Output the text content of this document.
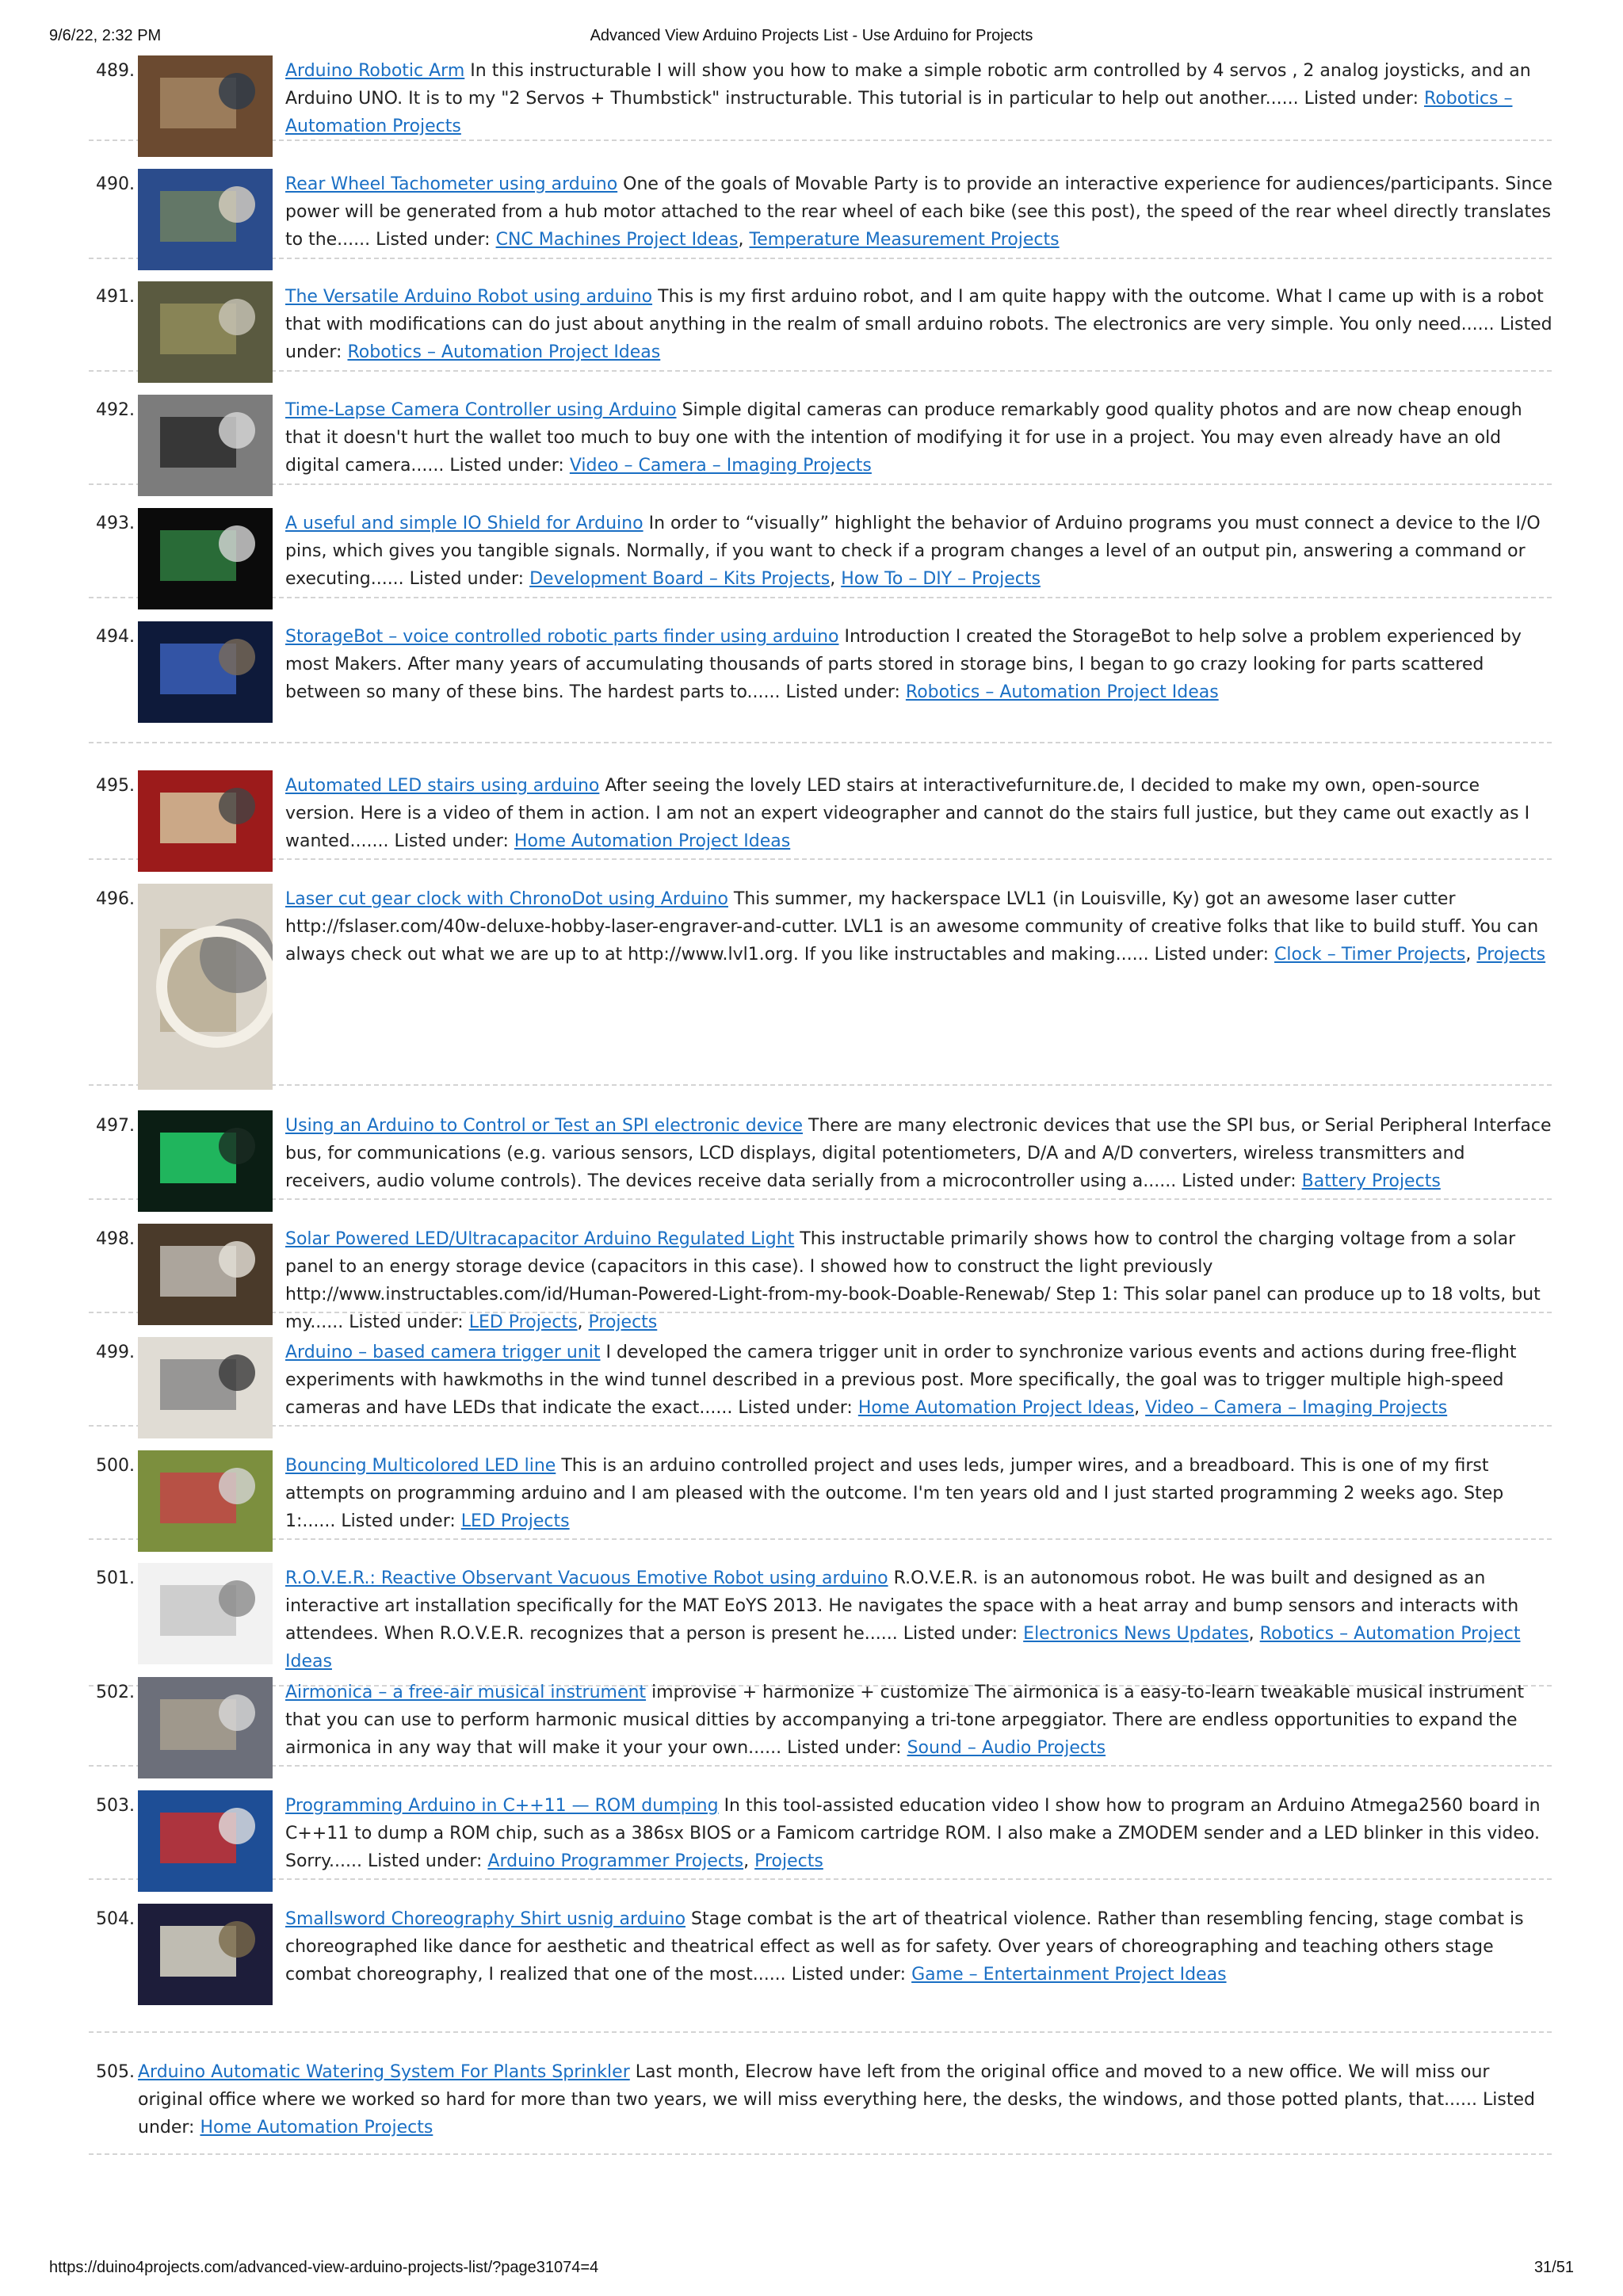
9/6/22, 2:32 PM	Advanced View Arduino Projects List - Use Arduino for Projects
489.	Arduino Robotic Arm In this instructurable I will show you how to make a simple robotic arm controlled by 4 servos , 2 analog joysticks, and an Arduino UNO. It is to my "2 Servos + Thumbstick" instructurable. This tutorial is in particular to help out another...... Listed under: Robotics – Automation Projects
490.	Rear Wheel Tachometer using arduino One of the goals of Movable Party is to provide an interactive experience for audiences/participants. Since power will be generated from a hub motor attached to the rear wheel of each bike (see this post), the speed of the rear wheel directly translates to the...... Listed under: CNC Machines Project Ideas, Temperature Measurement Projects
491.	The Versatile Arduino Robot using arduino This is my first arduino robot, and I am quite happy with the outcome. What I came up with is a robot that with modifications can do just about anything in the realm of small arduino robots. The electronics are very simple. You only need...... Listed under: Robotics – Automation Project Ideas
492.	Time-Lapse Camera Controller using Arduino Simple digital cameras can produce remarkably good quality photos and are now cheap enough that it doesn't hurt the wallet too much to buy one with the intention of modifying it for use in a project. You may even already have an old digital camera...... Listed under: Video – Camera – Imaging Projects
493.	A useful and simple IO Shield for Arduino In order to “visually” highlight the behavior of Arduino programs you must connect a device to the I/O pins, which gives you tangible signals. Normally, if you want to check if a program changes a level of an output pin, answering a command or executing...... Listed under: Development Board – Kits Projects, How To – DIY – Projects
494.	StorageBot – voice controlled robotic parts finder using arduino Introduction I created the StorageBot to help solve a problem experienced by most Makers. After many years of accumulating thousands of parts stored in storage bins, I began to go crazy looking for parts scattered between so many of these bins. The hardest parts to...... Listed under: Robotics – Automation Project Ideas
495.	Automated LED stairs using arduino After seeing the lovely LED stairs at interactivefurniture.de, I decided to make my own, open-source version. Here is a video of them in action. I am not an expert videographer and cannot do the stairs full justice, but they came out exactly as I wanted....... Listed under: Home Automation Project Ideas
496.	Laser cut gear clock with ChronoDot using Arduino This summer, my hackerspace LVL1 (in Louisville, Ky) got an awesome laser cutter http://fslaser.com/40w-deluxe-hobby-laser-engraver-and-cutter. LVL1 is an awesome community of creative folks that like to build stuff. You can always check out what we are up to at http://www.lvl1.org. If you like instructables and making...... Listed under: Clock – Timer Projects, Projects
497.	Using an Arduino to Control or Test an SPI electronic device There are many electronic devices that use the SPI bus, or Serial Peripheral Interface bus, for communications (e.g. various sensors, LCD displays, digital potentiometers, D/A and A/D converters, wireless transmitters and receivers, audio volume controls). The devices receive data serially from a microcontroller using a...... Listed under: Battery Projects
498.	Solar Powered LED/Ultracapacitor Arduino Regulated Light This instructable primarily shows how to control the charging voltage from a solar panel to an energy storage device (capacitors in this case). I showed how to construct the light previously http://www.instructables.com/id/Human-Powered-Light-from-my-book-Doable-Renewab/ Step 1: This solar panel can produce up to 18 volts, but my...... Listed under: LED Projects, Projects
499.	Arduino – based camera trigger unit I developed the camera trigger unit in order to synchronize various events and actions during free-flight experiments with hawkmoths in the wind tunnel described in a previous post. More specifically, the goal was to trigger multiple high-speed cameras and have LEDs that indicate the exact...... Listed under: Home Automation Project Ideas, Video – Camera – Imaging Projects
500.	Bouncing Multicolored LED line This is an arduino controlled project and uses leds, jumper wires, and a breadboard. This is one of my first attempts on programming arduino and I am pleased with the outcome. I'm ten years old and I just started programming 2 weeks ago. Step 1:...... Listed under: LED Projects
501.	R.O.V.E.R.: Reactive Observant Vacuous Emotive Robot using arduino R.O.V.E.R. is an autonomous robot. He was built and designed as an interactive art installation specifically for the MAT EoYS 2013. He navigates the space with a heat array and bump sensors and interacts with attendees. When R.O.V.E.R. recognizes that a person is present he...... Listed under: Electronics News Updates, Robotics – Automation Project Ideas
502.	Airmonica – a free-air musical instrument improvise + harmonize + customize The airmonica is a easy-to-learn tweakable musical instrument that you can use to perform harmonic musical ditties by accompanying a tri-tone arpeggiator. There are endless opportunities to expand the airmonica in any way that will make it your your own...... Listed under: Sound – Audio Projects
503.	Programming Arduino in C++11 — ROM dumping In this tool-assisted education video I show how to program an Arduino Atmega2560 board in C++11 to dump a ROM chip, such as a 386sx BIOS or a Famicom cartridge ROM. I also make a ZMODEM sender and a LED blinker in this video. Sorry...... Listed under: Arduino Programmer Projects, Projects
504.	Smallsword Choreography Shirt usnig arduino Stage combat is the art of theatrical violence. Rather than resembling fencing, stage combat is choreographed like dance for aesthetic and theatrical effect as well as for safety. Over years of choreographing and teaching others stage combat choreography, I realized that one of the most...... Listed under: Game – Entertainment Project Ideas
505. Arduino Automatic Watering System For Plants Sprinkler Last month, Elecrow have left from the original office and moved to a new office. We will miss our original office where we worked so hard for more than two years, we will miss everything here, the desks, the windows, and those potted plants, that...... Listed under: Home Automation Projects
https://duino4projects.com/advanced-view-arduino-projects-list/?page31074=4	31/51
